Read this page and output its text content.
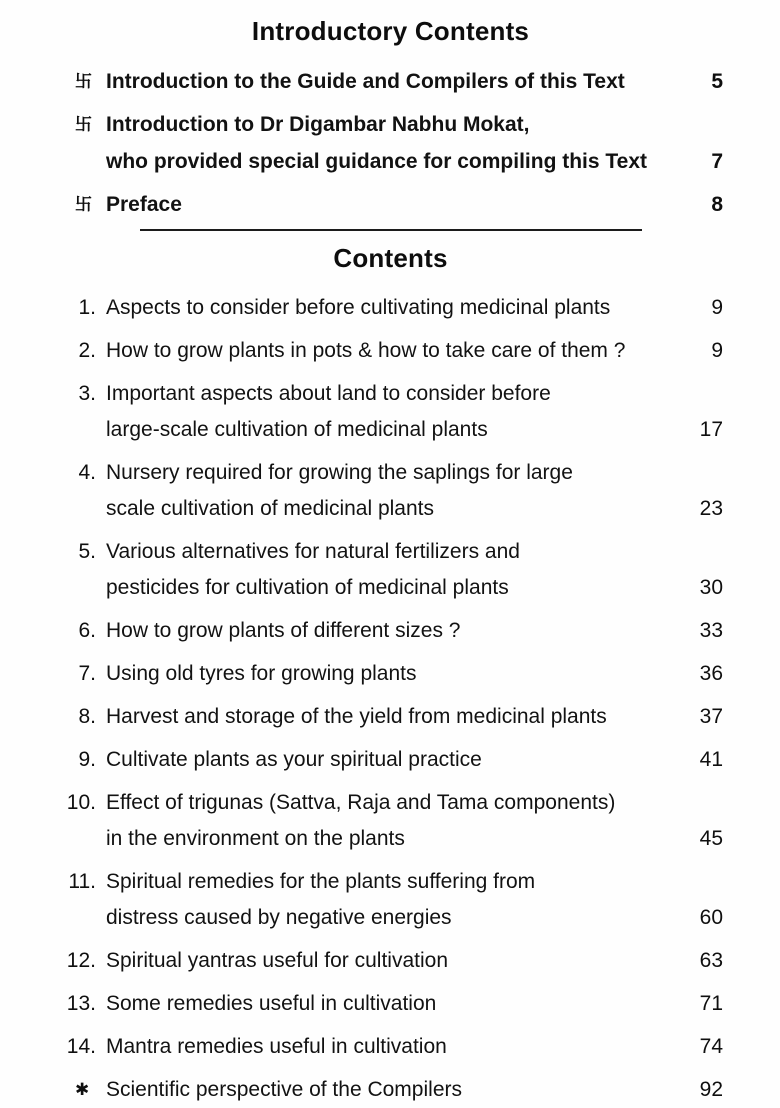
Introductory Contents
卐 Introduction to the Guide and Compilers of this Text	5
卐 Introduction to Dr Digambar Nabhu Mokat,
who provided special guidance for compiling this Text	7
卐 Preface	8
Contents
1. Aspects to consider before cultivating medicinal plants	9
2. How to grow plants in pots & how to take care of them ?	9
3. Important aspects about land to consider before
large-scale cultivation of medicinal plants	17
4. Nursery required for growing the saplings for large
scale cultivation of medicinal plants	23
5. Various alternatives for natural fertilizers and
pesticides for cultivation of medicinal plants	30
6. How to grow plants of different sizes ?	33
7. Using old tyres for growing plants	36
8. Harvest and storage of the yield from medicinal plants	37
9. Cultivate plants as your spiritual practice	41
10. Effect of trigunas (Sattva, Raja and Tama components)
in the environment on the plants	45
11. Spiritual remedies for the plants suffering from
distress caused by negative energies	60
12. Spiritual yantras useful for cultivation	63
13. Some remedies useful in cultivation	71
14. Mantra remedies useful in cultivation	74
✱ Scientific perspective of the Compilers	92
